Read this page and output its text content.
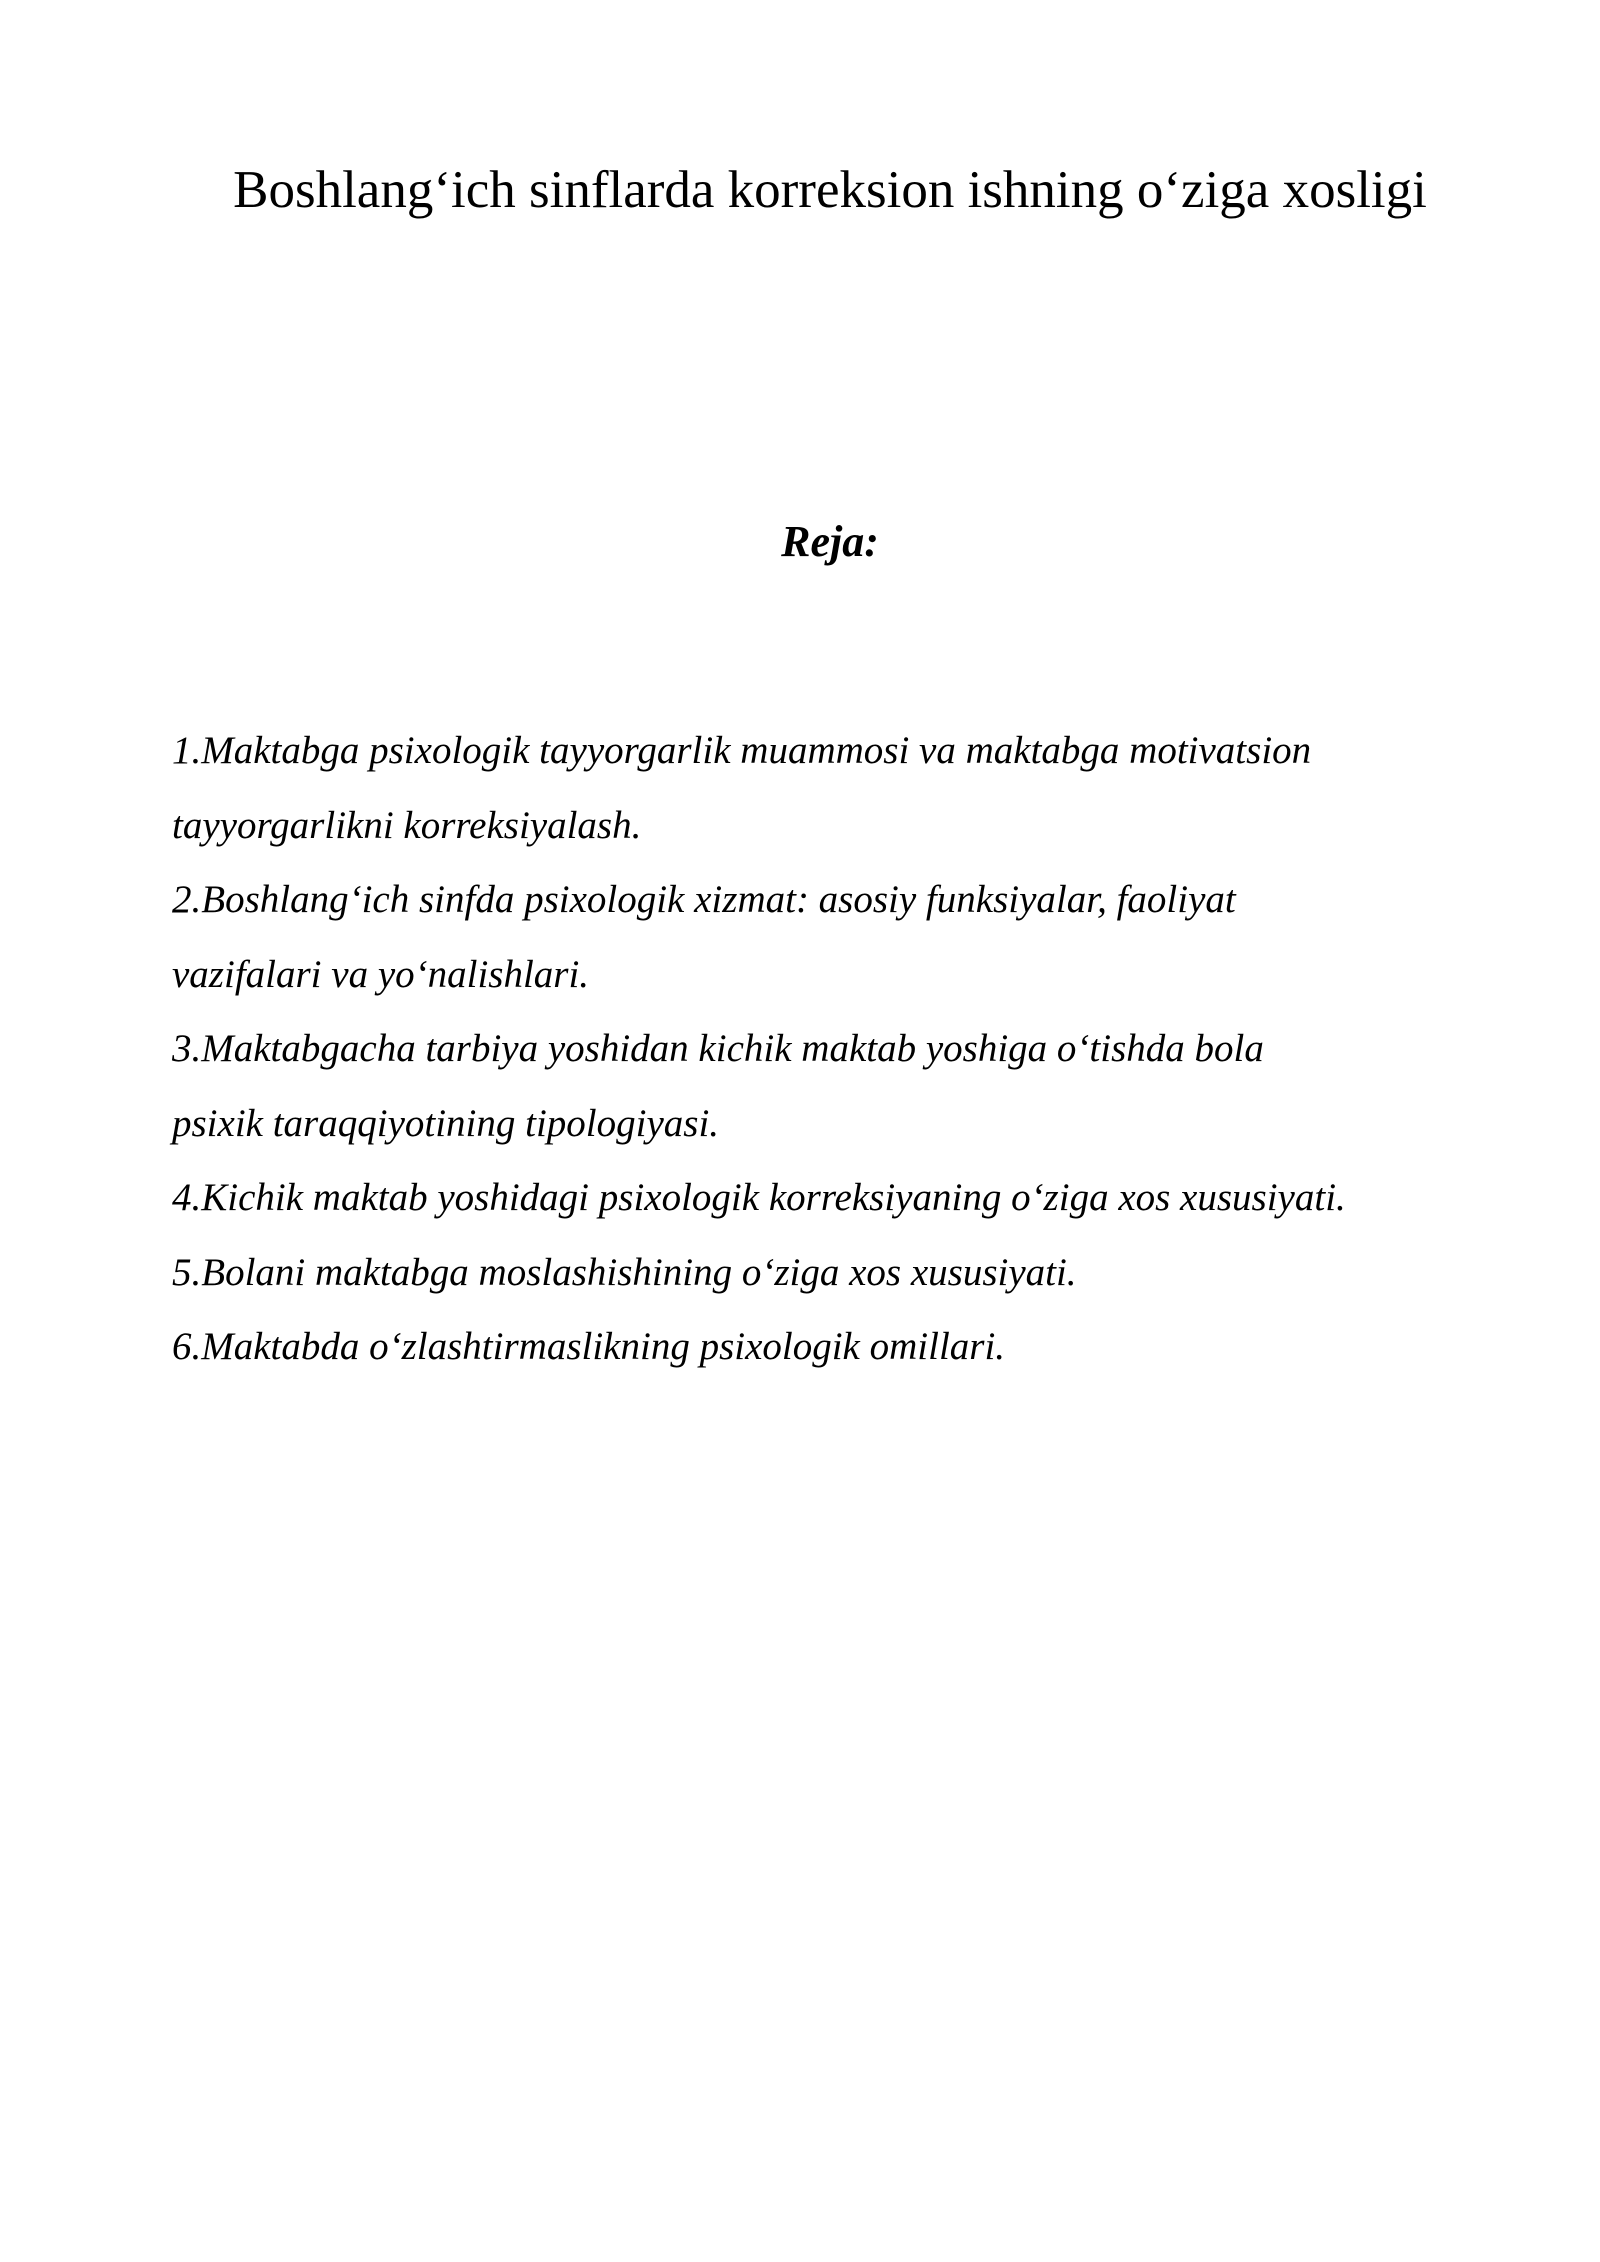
Boshlang‘ich sinflarda korreksion ishning o‘ziga xosligi
Reja:
1.Maktabga psixologik tayyorgarlik muammosi va maktabga motivatsion
tayyorgarlikni korreksiyalash.
2.Boshlang‘ich sinfda psixologik xizmat: asosiy funksiyalar, faoliyat
vazifalari va yo‘nalishlari.
3.Maktabgacha tarbiya yoshidan kichik maktab yoshiga o‘tishda bola
psixik taraqqiyotining tipologiyasi.
4.Kichik maktab yoshidagi psixologik korreksiyaning o‘ziga xos xususiyati.
5.Bolani maktabga moslashishining o‘ziga xos xususiyati.
6.Maktabda o‘zlashtirmaslikning psixologik omillari.
